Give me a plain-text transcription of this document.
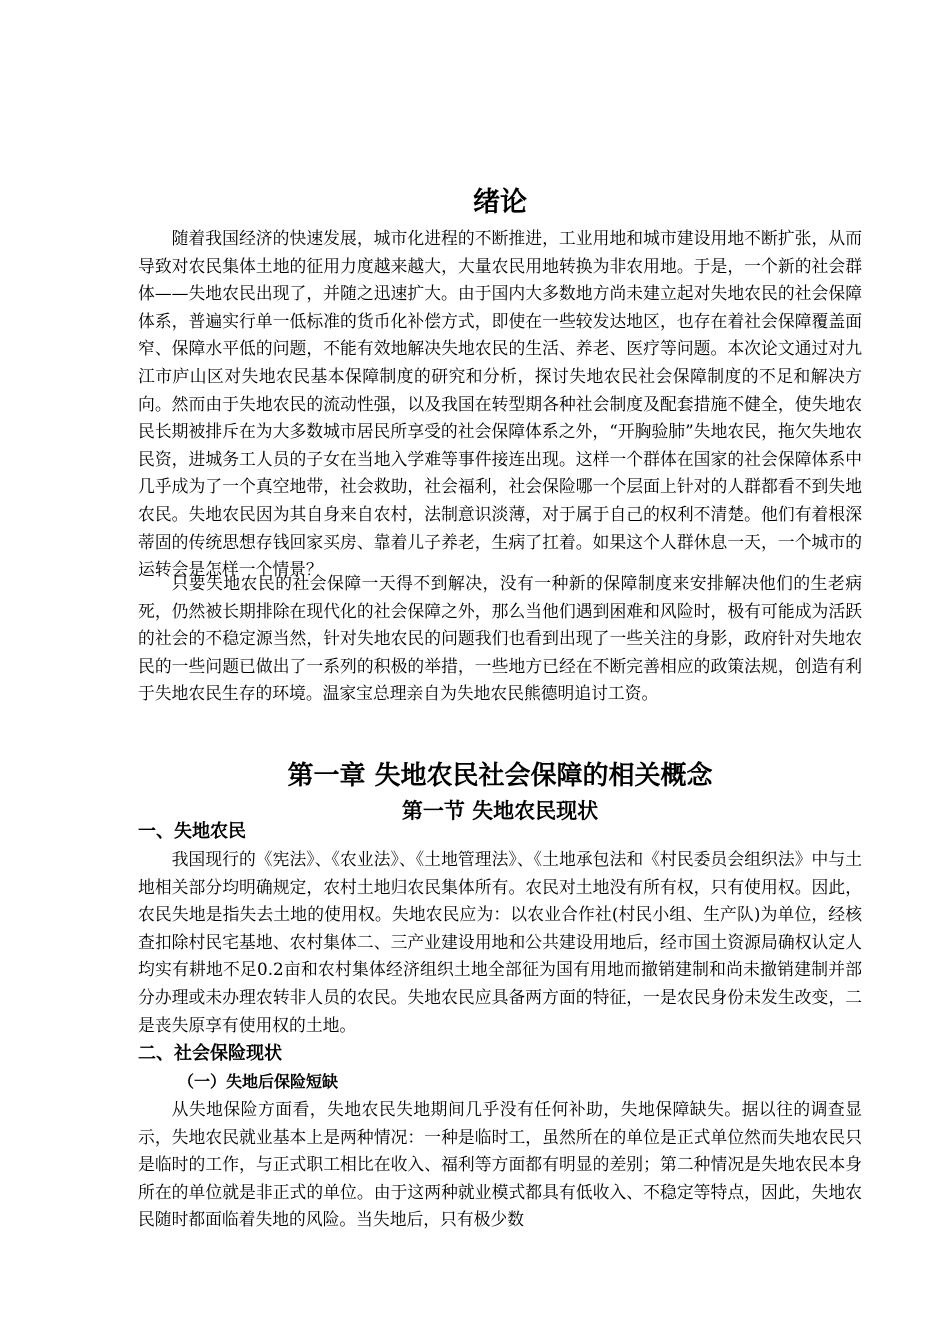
绪论

随着我国经济的快速发展，城市化进程的不断推进，工业用地和城市建设用地不断扩张，从而导致对农民集体土地的征用力度越来越大，大量农民用地转换为非农用地。于是，一个新的社会群体——失地农民出现了，并随之迅速扩大。由于国内大多数地方尚未建立起对失地农民的社会保障体系，普遍实行单一低标准的货币化补偿方式，即使在一些较发达地区，也存在着社会保障覆盖面窄、保障水平低的问题，不能有效地解决失地农民的生活、养老、医疗等问题。本次论文通过对九江市庐山区对失地农民基本保障制度的研究和分析，探讨失地农民社会保障制度的不足和解决方向。然而由于失地农民的流动性强，以及我国在转型期各种社会制度及配套措施不健全，使失地农民长期被排斥在为大多数城市居民所享受的社会保障体系之外，“开胸验肺”失地农民，拖欠失地农民资，进城务工人员的子女在当地入学难等事件接连出现。这样一个群体在国家的社会保障体系中几乎成为了一个真空地带，社会救助，社会福利，社会保险哪一个层面上针对的人群都看不到失地农民。失地农民因为其自身来自农村，法制意识淡薄，对于属于自己的权利不清楚。他们有着根深蒂固的传统思想存钱回家买房、靠着儿子养老，生病了扛着。如果这个人群休息一天，一个城市的运转会是怎样一个情景？

只要失地农民的社会保障一天得不到解决，没有一种新的保障制度来安排解决他们的生老病死，仍然被长期排除在现代化的社会保障之外，那么当他们遇到困难和风险时，极有可能成为活跃的社会的不稳定源当然，针对失地农民的问题我们也看到出现了一些关注的身影，政府针对失地农民的一些问题已做出了一系列的积极的举措，一些地方已经在不断完善相应的政策法规，创造有利于失地农民生存的环境。温家宝总理亲自为失地农民熊德明追讨工资。

第一章 失地农民社会保障的相关概念
第一节 失地农民现状
一、失地农民

我国现行的《宪法》、《农业法》、《土地管理法》、《土地承包法和《村民委员会组织法》中与土地相关部分均明确规定，农村土地归农民集体所有。农民对土地没有所有权，只有使用权。因此，农民失地是指失去土地的使用权。失地农民应为：以农业合作社(村民小组、生产队)为单位，经核查扣除村民宅基地、农村集体二、三产业建设用地和公共建设用地后，经市国土资源局确权认定人均实有耕地不足0.2亩和农村集体经济组织土地全部征为国有用地而撤销建制和尚未撤销建制并部分办理或未办理农转非人员的农民。失地农民应具备两方面的特征，一是农民身份未发生改变，二是丧失原享有使用权的土地。

二、社会保险现状
（一）失地后保险短缺

从失地保险方面看，失地农民失地期间几乎没有任何补助，失地保障缺失。据以往的调查显示，失地农民就业基本上是两种情况：一种是临时工，虽然所在的单位是正式单位然而失地农民只是临时的工作，与正式职工相比在收入、福利等方面都有明显的差别；第二种情况是失地农民本身所在的单位就是非正式的单位。由于这两种就业模式都具有低收入、不稳定等特点，因此，失地农民随时都面临着失地的风险。当失地后，只有极少数
